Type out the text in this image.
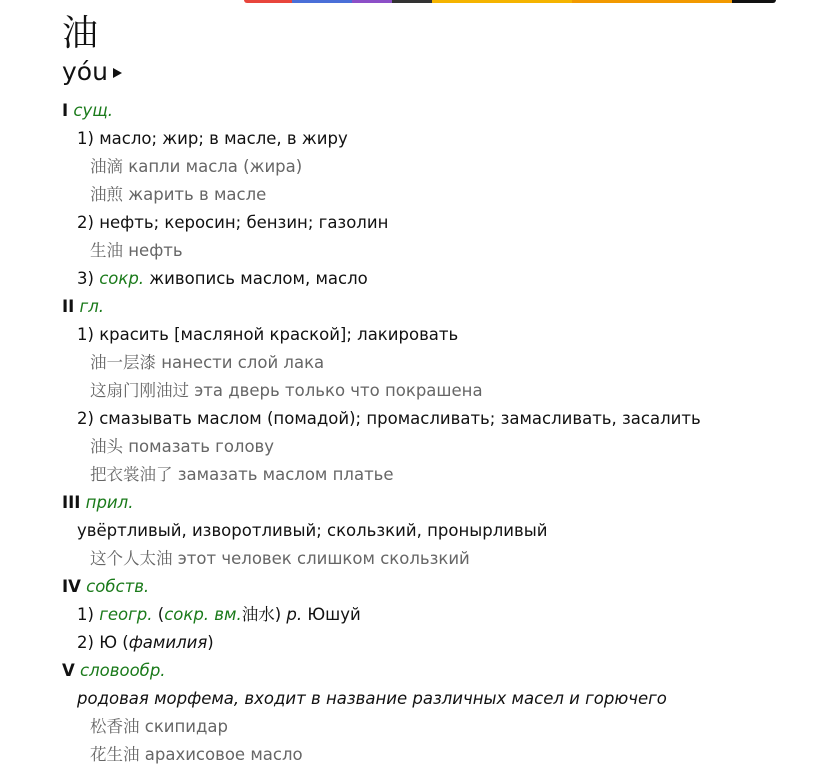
油
yóu
I сущ.
1) масло; жир; в масле, в жиру
油滴 капли масла (жира)
油煎 жарить в масле
2) нефть; керосин; бензин; газолин
生油 нефть
3) сокр. живопись маслом, масло
II гл.
1) красить [масляной краской]; лакировать
油一层漆 нанести слой лака
这扇门刚油过 эта дверь только что покрашена
2) смазывать маслом (помадой); промасливать; замасливать, засалить
油头 помазать голову
把衣裳油了 замазать маслом платье
III прил.
увёртливый, изворотливый; скользкий, пронырливый
这个人太油 этот человек слишком скользкий
IV собств.
1) геогр. (сокр. вм.油水) р. Юшуй
2) Ю (фамилия)
V словообр.
родовая морфема, входит в название различных масел и горючего
松香油 скипидар
花生油 арахисовое масло
